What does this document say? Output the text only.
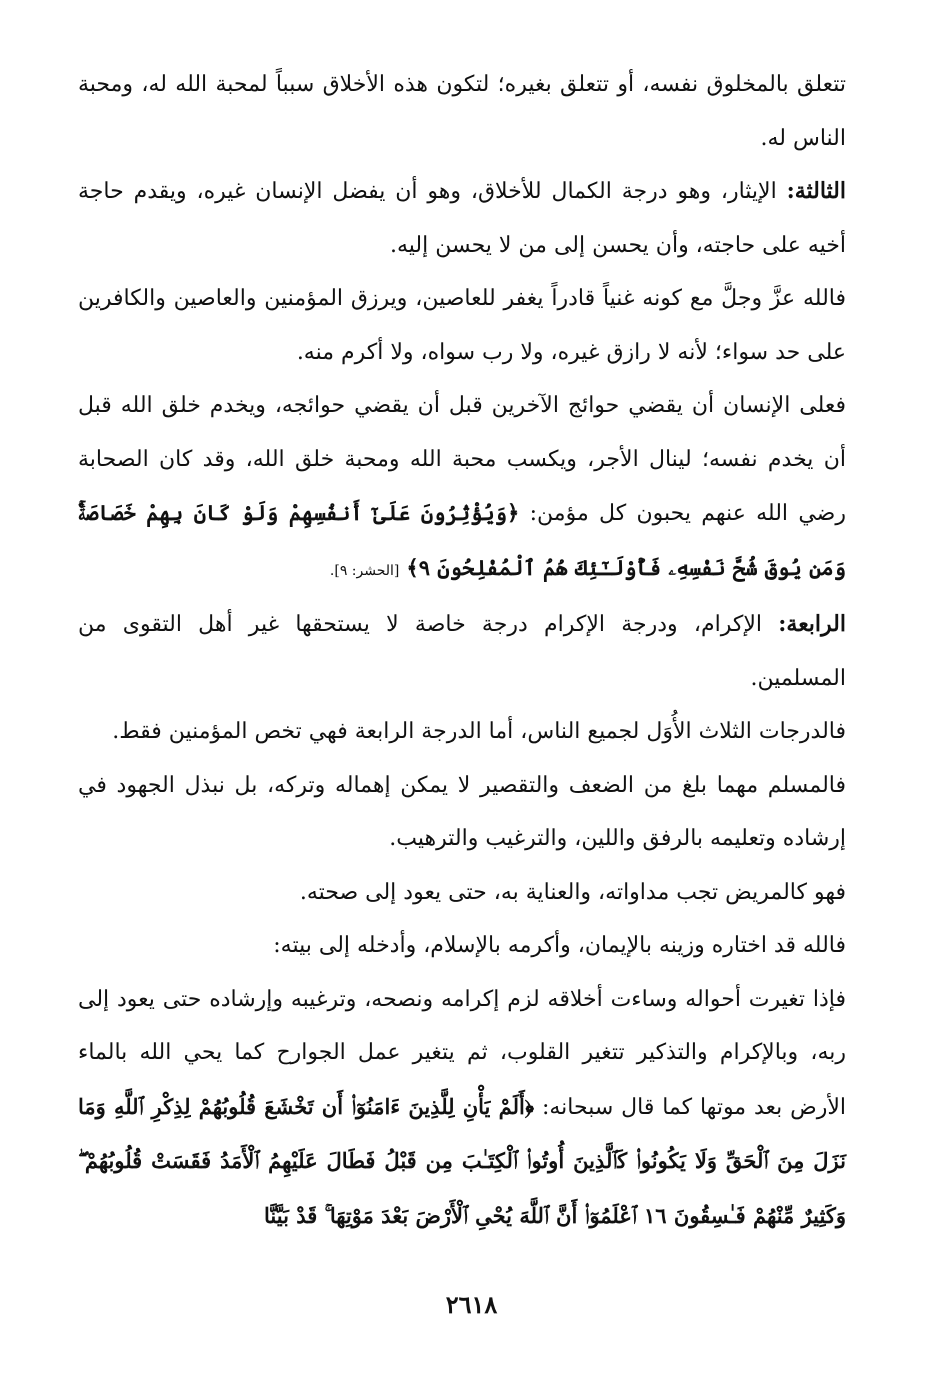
تتعلق بالمخلوق نفسه، أو تتعلق بغيره؛ لتكون هذه الأخلاق سبباً لمحبة الله له، ومحبة الناس له.

الثالثة: الإيثار، وهو درجة الكمال للأخلاق، وهو أن يفضل الإنسان غيره، ويقدم حاجة أخيه على حاجته، وأن يحسن إلى من لا يحسن إليه.

فالله عزَّ وجلَّ مع كونه غنياً قادراً يغفر للعاصين، ويرزق المؤمنين والعاصين والكافرين على حد سواء؛ لأنه لا رازق غيره، ولا رب سواه، ولا أكرم منه.

فعلى الإنسان أن يقضي حوائج الآخرين قبل أن يقضي حوائجه، ويخدم خلق الله قبل أن يخدم نفسه؛ لينال الأجر، ويكسب محبة الله ومحبة خلق الله، وقد كان الصحابة رضي الله عنهم يحبون كل مؤمن: ﴿وَيُؤْثِرُونَ عَلَىٰٓ أَنفُسِهِمْ وَلَوْ كَانَ بِهِمْ خَصَاصَةٌۚ وَمَن يُوقَ شُحَّ نَفْسِهِۦ فَأُوْلَـٰٓئِكَ هُمُ ٱلْمُفْلِحُونَ ٩﴾ [الحشر: ٩].

الرابعة: الإكرام، ودرجة الإكرام درجة خاصة لا يستحقها غير أهل التقوى من المسلمين.

فالدرجات الثلاث الأُوَل لجميع الناس، أما الدرجة الرابعة فهي تخص المؤمنين فقط.

فالمسلم مهما بلغ من الضعف والتقصير لا يمكن إهماله وتركه، بل نبذل الجهود في إرشاده وتعليمه بالرفق واللين، والترغيب والترهيب.

فهو كالمريض تجب مداواته، والعناية به، حتى يعود إلى صحته.

فالله قد اختاره وزينه بالإيمان، وأكرمه بالإسلام، وأدخله إلى بيته:

فإذا تغيرت أحواله وساءت أخلاقه لزم إكرامه ونصحه، وترغيبه وإرشاده حتى يعود إلى ربه، وبالإكرام والتذكير تتغير القلوب، ثم يتغير عمل الجوارح كما يحي الله بالماء الأرض بعد موتها كما قال سبحانه: ﴿أَلَمْ يَأْنِ لِلَّذِينَ ءَامَنُوٓا۟ أَن تَخْشَعَ قُلُوبُهُمْ لِذِكْرِ ٱللَّهِ وَمَا نَزَلَ مِنَ ٱلْحَقِّ وَلَا يَكُونُوا۟ كَٱلَّذِينَ أُوتُوا۟ ٱلْكِتَـٰبَ مِن قَبْلُ فَطَالَ عَلَيْهِمُ ٱلْأَمَدُ فَقَسَتْ قُلُوبُهُمْ ۖ وَكَثِيرٌ مِّنْهُمْ فَـٰسِقُونَ ١٦ ٱعْلَمُوٓا۟ أَنَّ ٱللَّهَ يُحْىِ ٱلْأَرْضَ بَعْدَ مَوْتِهَا ۚ قَدْ بَيَّنَّا

٢٦١٨
